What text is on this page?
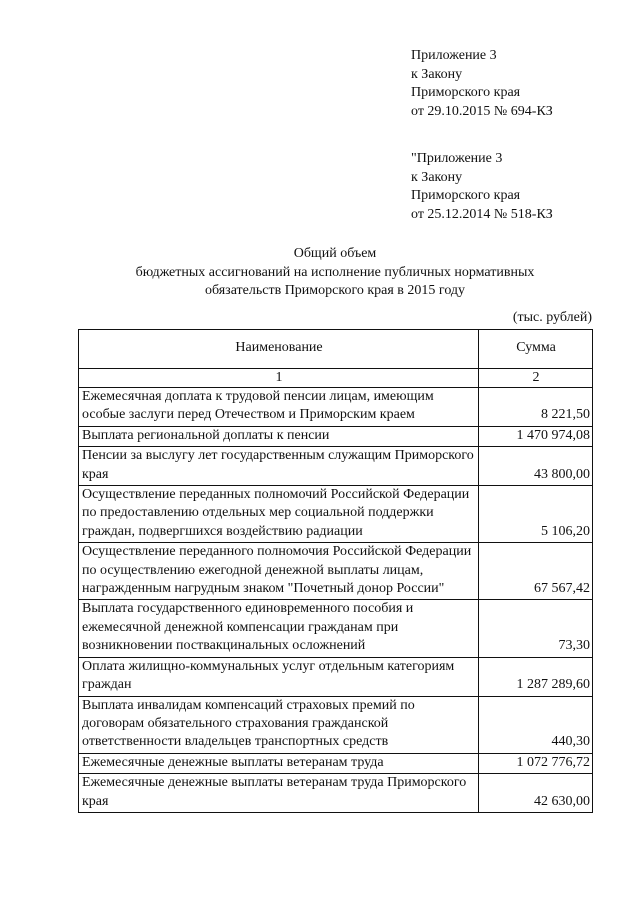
Приложение 3
к Закону
Приморского края
от 29.10.2015 № 694-КЗ
"Приложение 3
к Закону
Приморского края
от 25.12.2014 № 518-КЗ
Общий объем
бюджетных ассигнований на исполнение публичных нормативных
обязательств Приморского края в 2015 году
(тыс. рублей)
Наименование	Сумма
1	2
Ежемесячная доплата к трудовой пенсии лицам, имеющим особые заслуги перед Отечеством и Приморским краем	8 221,50
Выплата региональной доплаты к пенсии	1 470 974,08
Пенсии за выслугу лет государственным служащим Приморского края	43 800,00
Осуществление переданных полномочий Российской Федерации по предоставлению отдельных мер социальной поддержки граждан, подвергшихся воздействию радиации	5 106,20
Осуществление переданного полномочия Российской Федерации по осуществлению ежегодной денежной выплаты лицам, награжденным нагрудным знаком "Почетный донор России"	67 567,42
Выплата государственного единовременного пособия и ежемесячной денежной компенсации гражданам при возникновении поствакцинальных осложнений	73,30
Оплата жилищно-коммунальных услуг отдельным категориям граждан	1 287 289,60
Выплата инвалидам компенсаций страховых премий по договорам обязательного страхования гражданской ответственности владельцев транспортных средств	440,30
Ежемесячные денежные выплаты ветеранам труда	1 072 776,72
Ежемесячные денежные выплаты ветеранам труда Приморского края	42 630,00
